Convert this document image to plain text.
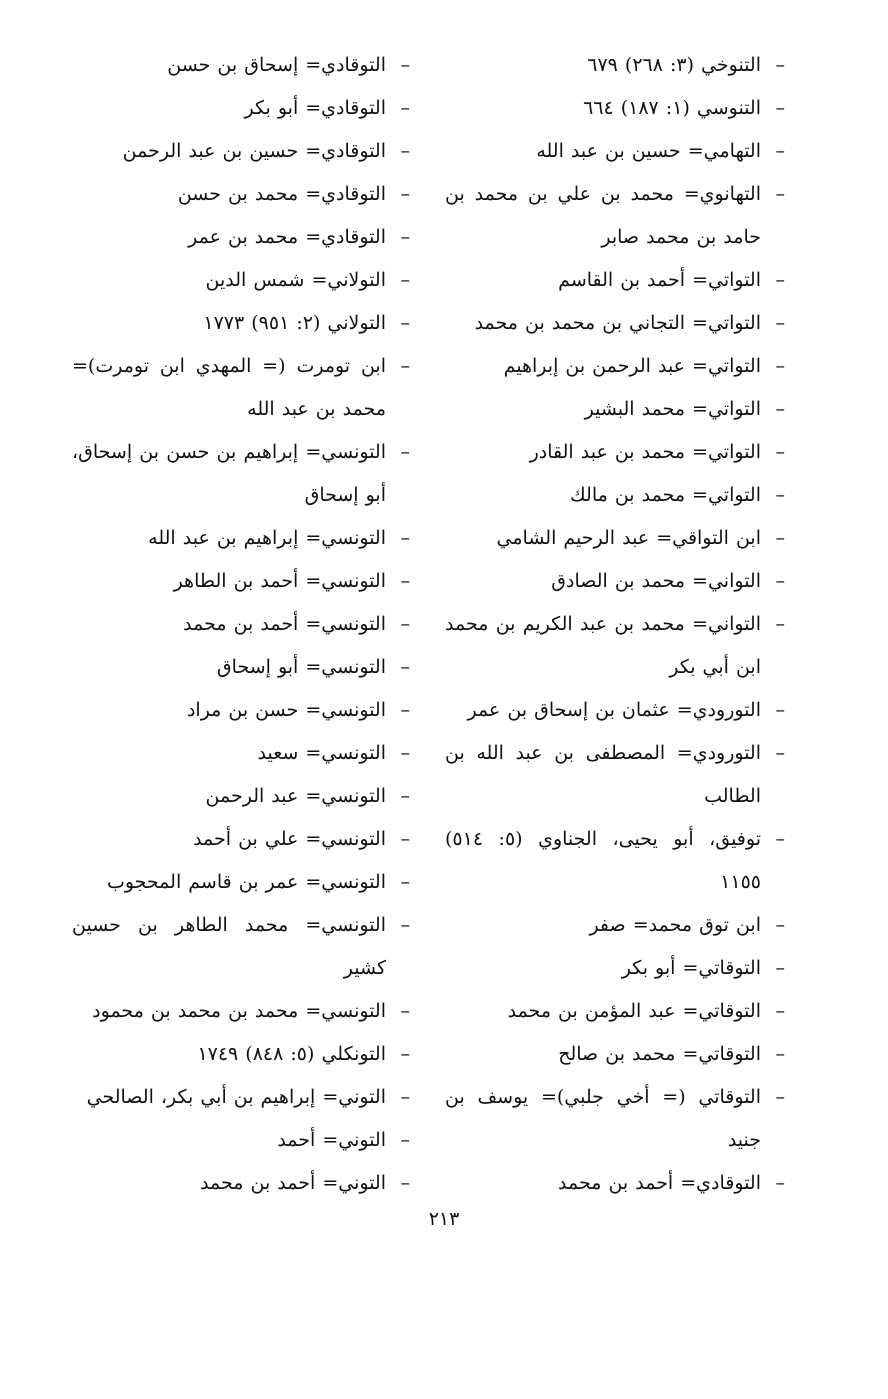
–التنوخي (٣: ٢٦٨) ٦٧٩

–التنوسي (١: ١٨٧) ٦٦٤

–التهامي= حسين بن عبد الله

–التهانوي= محمد بن علي بن محمد بن حامد بن محمد صابر

–التواتي= أحمد بن القاسم

–التواتي= التجاني بن محمد بن محمد

–التواتي= عبد الرحمن بن إبراهيم

–التواتي= محمد البشير

–التواتي= محمد بن عبد القادر

–التواتي= محمد بن مالك

–ابن التواقي= عبد الرحيم الشامي

–التواني= محمد بن الصادق

–التواني= محمد بن عبد الكريم بن محمد ابن أبي بكر

–التورودي= عثمان بن إسحاق بن عمر

–التورودي= المصطفى بن عبد الله بن الطالب

–توفيق، أبو يحيى، الجناوي (٥: ٥١٤) ١١٥٥

–ابن توق محمد= صفر

–التوقاتي= أبو بكر

–التوقاتي= عبد المؤمن بن محمد

–التوقاتي= محمد بن صالح

–التوقاتي (= أخي جلبي)= يوسف بن جنيد

–التوقادي= أحمد بن محمد

–التوقادي= إسحاق بن حسن

–التوقادي= أبو بكر

–التوقادي= حسين بن عبد الرحمن

–التوقادي= محمد بن حسن

–التوقادي= محمد بن عمر

–التولاني= شمس الدين

–التولاني (٢: ٩٥١) ١٧٧٣

–ابن تومرت (= المهدي ابن تومرت)= محمد بن عبد الله

–التونسي= إبراهيم بن حسن بن إسحاق، أبو إسحاق

–التونسي= إبراهيم بن عبد الله

–التونسي= أحمد بن الطاهر

–التونسي= أحمد بن محمد

–التونسي= أبو إسحاق

–التونسي= حسن بن مراد

–التونسي= سعيد

–التونسي= عبد الرحمن

–التونسي= علي بن أحمد

–التونسي= عمر بن قاسم المحجوب

–التونسي= محمد الطاهر بن حسين كشير

–التونسي= محمد بن محمد بن محمود

–التونكلي (٥: ٨٤٨) ١٧٤٩

–التوني= إبراهيم بن أبي بكر، الصالحي

–التوني= أحمد

–التوني= أحمد بن محمد

٢١٣
